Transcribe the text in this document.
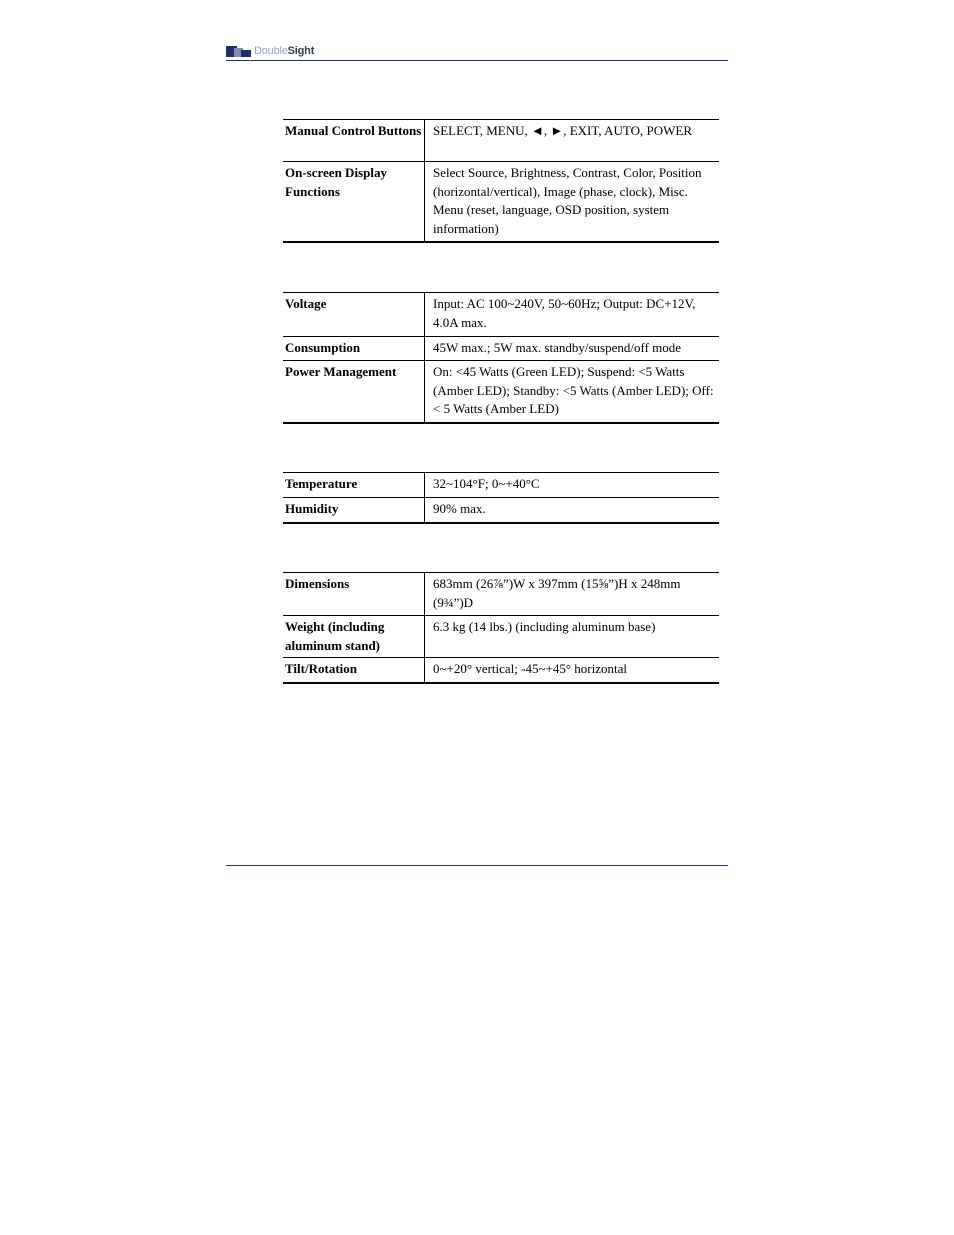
DoubleSight
Manual Control Buttons	SELECT, MENU, ◄, ►, EXIT, AUTO, POWER
On-screen Display Functions	Select Source, Brightness, Contrast, Color, Position (horizontal/vertical), Image (phase, clock), Misc. Menu (reset, language, OSD position, system information)
Voltage	Input: AC 100~240V, 50~60Hz; Output: DC+12V, 4.0A max.
Consumption	45W max.; 5W max. standby/suspend/off mode
Power Management	On: <45 Watts (Green LED); Suspend: <5 Watts (Amber LED); Standby: <5 Watts (Amber LED); Off: < 5 Watts (Amber LED)
Temperature	32~104°F; 0~+40°C
Humidity	90% max.
Dimensions	683mm (26⅞”)W x 397mm (15⅝”)H x 248mm (9¾”)D
Weight (including aluminum stand)	6.3 kg (14 lbs.) (including aluminum base)
Tilt/Rotation	0~+20° vertical; -45~+45° horizontal
